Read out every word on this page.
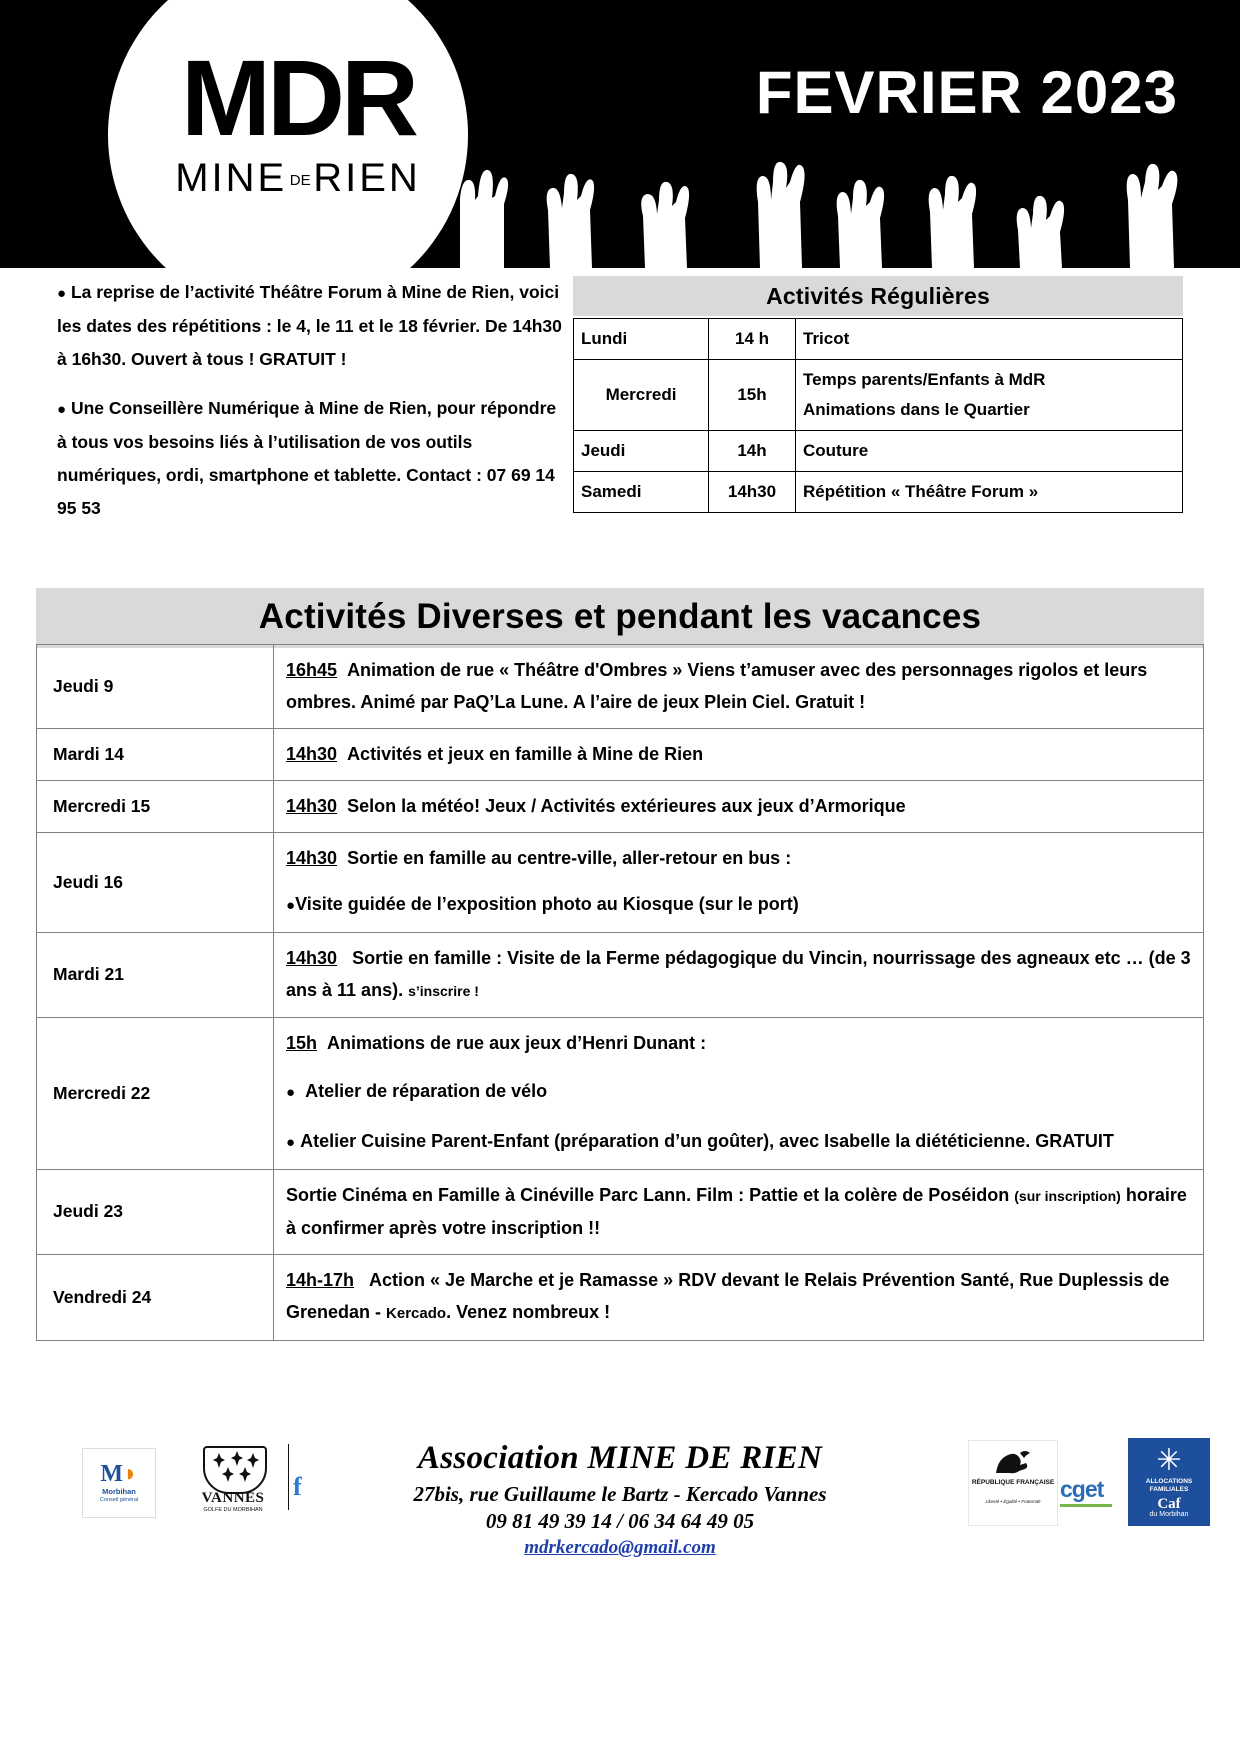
MDR
MINE DE RIEN
FEVRIER 2023

● La reprise de l’activité Théâtre Forum à Mine de Rien, voici les dates des répétitions : le 4, le 11 et le 18 février. De 14h30 à 16h30. Ouvert à tous ! GRATUIT !

● Une Conseillère Numérique à Mine de Rien, pour répondre à tous vos besoins liés à l’utilisation de vos outils numériques, ordi, smartphone et tablette. Contact : 07 69 14 95 53

Activités Régulières
Lundi	14 h	Tricot
Mercredi	15h	Temps parents/Enfants à MdR
Animations dans le Quartier

Jeudi	14h	Couture
Samedi	14h30	Répétition « Théâtre Forum »
Activités Diverses et pendant les vacances
Jeudi 9	16h45 Animation de rue « Théâtre d'Ombres » Viens t’amuser avec des personnages rigolos et leurs ombres. Animé par PaQ’La Lune. A l’aire de jeux Plein Ciel. Gratuit !
Mardi 14	14h30 Activités et jeux en famille à Mine de Rien
Mercredi 15	14h30 Selon la météo! Jeux / Activités extérieures aux jeux d’Armorique
Jeudi 16	14h30 Sortie en famille au centre-ville, aller-retour en bus :
●Visite guidée de l’exposition photo au Kiosque (sur le port)

Mardi 21	14h30 Sortie en famille : Visite de la Ferme pédagogique du Vincin, nourrissage des agneaux etc … (de 3 ans à 11 ans). s’inscrire !
Mercredi 22	15h Animations de rue aux jeux d’Henri Dunant :
● Atelier de réparation de vélo
● Atelier Cuisine Parent-Enfant (préparation d’un goûter), avec Isabelle la diététicienne. GRATUIT

Jeudi 23	Sortie Cinéma en Famille à Cinéville Parc Lann. Film : Pattie et la colère de Poséidon (sur inscription) horaire à confirmer après votre inscription !!
Vendredi 24	14h-17h Action « Je Marche et je Ramasse » RDV devant le Relais Prévention Santé, Rue Duplessis de Grenedan - Kercado. Venez nombreux !
M◗
Morbihan
Conseil général	VANNES
GOLFE DU MORBIHAN
f
Association MINE DE RIEN
27bis, rue Guillaume le Bartz - Kercado Vannes
09 81 49 39 14 / 06 34 64 49 05
mdrkercado@gmail.com
RÉPUBLIQUE FRANÇAISE
Liberté • Égalité • Fraternité cget
✳
ALLOCATIONS FAMILIALES
Caf
du Morbihan
